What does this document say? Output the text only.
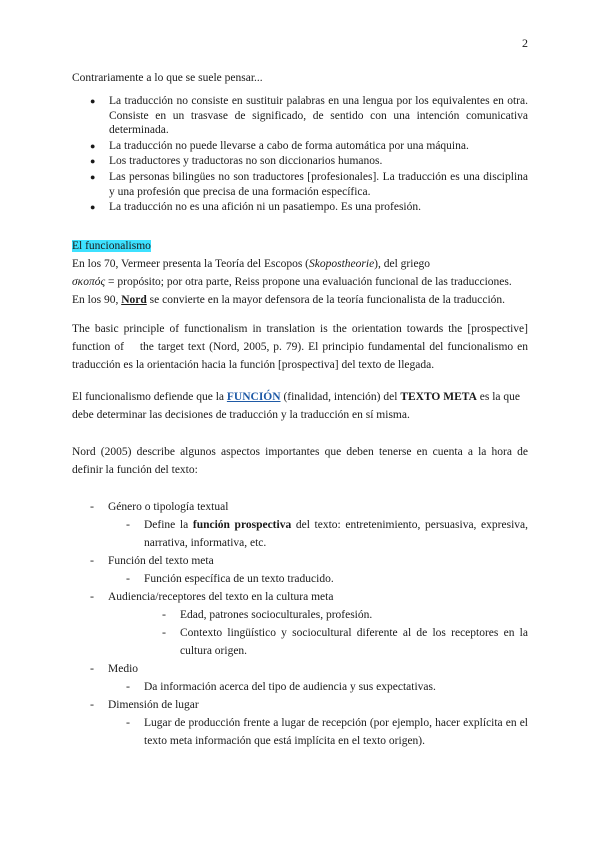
2
Contrariamente a lo que se suele pensar...
● La traducción no consiste en sustituir palabras en una lengua por los equivalentes en otra. Consiste en un trasvase de significado, de sentido con una intención comunicativa determinada.
● La traducción no puede llevarse a cabo de forma automática por una máquina.
● Los traductores y traductoras no son diccionarios humanos.
● Las personas bilingües no son traductores [profesionales]. La traducción es una disciplina y una profesión que precisa de una formación específica.
● La traducción no es una afición ni un pasatiempo. Es una profesión.
El funcionalismo
En los 70, Vermeer presenta la Teoría del Escopos (Skopostheorie), del griego
σκοπός = propósito; por otra parte, Reiss propone una evaluación funcional de las traducciones.
En los 90, Nord se convierte en la mayor defensora de la teoría funcionalista de la traducción.
The basic principle of functionalism in translation is the orientation towards the [prospective]
function of    the target text (Nord, 2005, p. 79). El principio fundamental del funcionalismo en
traducción es la orientación hacia la función [prospectiva] del texto de llegada.
El funcionalismo defiende que la FUNCIÓN (finalidad, intención) del TEXTO META es la que
debe determinar las decisiones de traducción y la traducción en sí misma.
Nord (2005) describe algunos aspectos importantes que deben tenerse en cuenta a la hora de
definir la función del texto:
- Género o tipología textual
- Define la función prospectiva del texto: entretenimiento, persuasiva, expresiva,
narrativa, informativa, etc.
- Función del texto meta
- Función específica de un texto traducido.
- Audiencia/receptores del texto en la cultura meta
- Edad, patrones socioculturales, profesión.
- Contexto lingüístico y sociocultural diferente al de los receptores en la
cultura origen.
- Medio
- Da información acerca del tipo de audiencia y sus expectativas.
- Dimensión de lugar
- Lugar de producción frente a lugar de recepción (por ejemplo, hacer explícita en el
texto meta información que está implícita en el texto origen).
